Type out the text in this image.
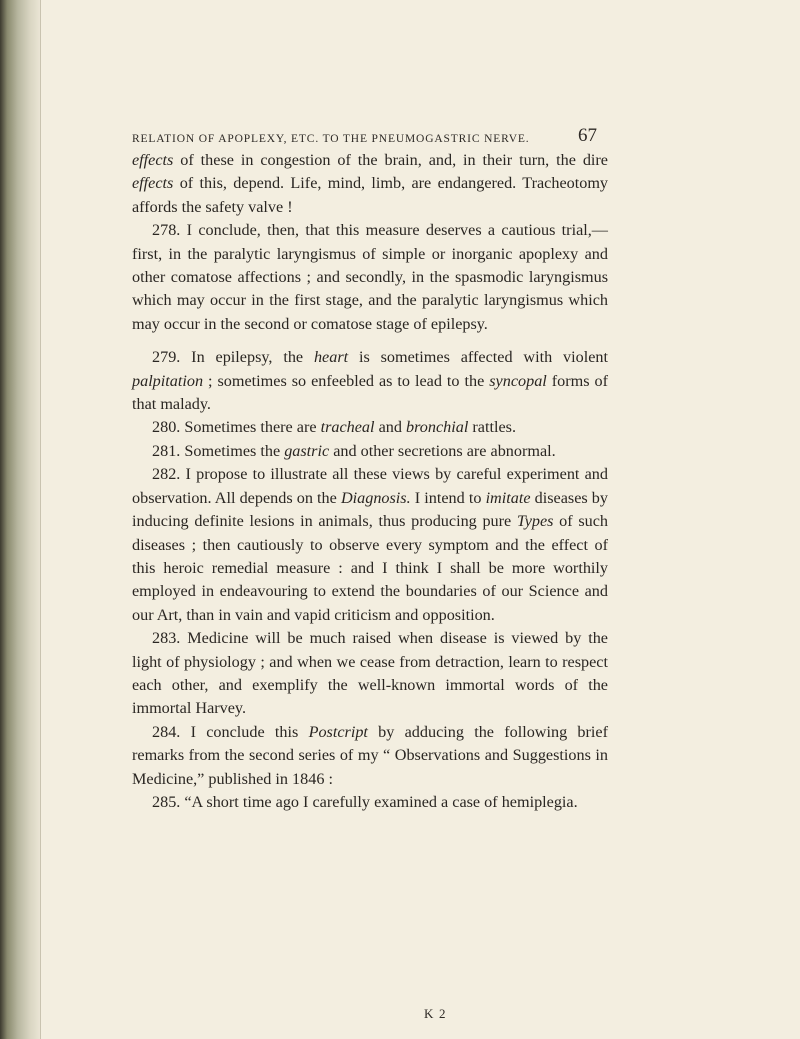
RELATION OF APOPLEXY, ETC. TO THE PNEUMOGASTRIC NERVE.	67

effects of these in congestion of the brain, and, in their turn, the dire effects of this, depend. Life, mind, limb, are endangered. Tracheotomy affords the safety valve !

278. I conclude, then, that this measure deserves a cautious trial,— first, in the paralytic laryngismus of simple or inorganic apoplexy and other comatose affections ; and secondly, in the spasmodic laryngismus which may occur in the first stage, and the paralytic laryngismus which may occur in the second or comatose stage of epilepsy.

279. In epilepsy, the heart is sometimes affected with violent palpitation ; sometimes so enfeebled as to lead to the syncopal forms of that malady.

280. Sometimes there are tracheal and bronchial rattles.

281. Sometimes the gastric and other secretions are abnormal.

282. I propose to illustrate all these views by careful experiment and observation. All depends on the Diagnosis. I intend to imitate diseases by inducing definite lesions in animals, thus producing pure Types of such diseases ; then cautiously to observe every symptom and the effect of this heroic remedial measure : and I think I shall be more worthily employed in endeavouring to extend the boundaries of our Science and our Art, than in vain and vapid criticism and opposition.

283. Medicine will be much raised when disease is viewed by the light of physiology ; and when we cease from detraction, learn to respect each other, and exemplify the well-known immortal words of the immortal Harvey.

284. I conclude this Postcript by adducing the following brief remarks from the second series of my “ Observations and Suggestions in Medicine,” published in 1846 :

285. “A short time ago I carefully examined a case of hemiplegia.

K 2
